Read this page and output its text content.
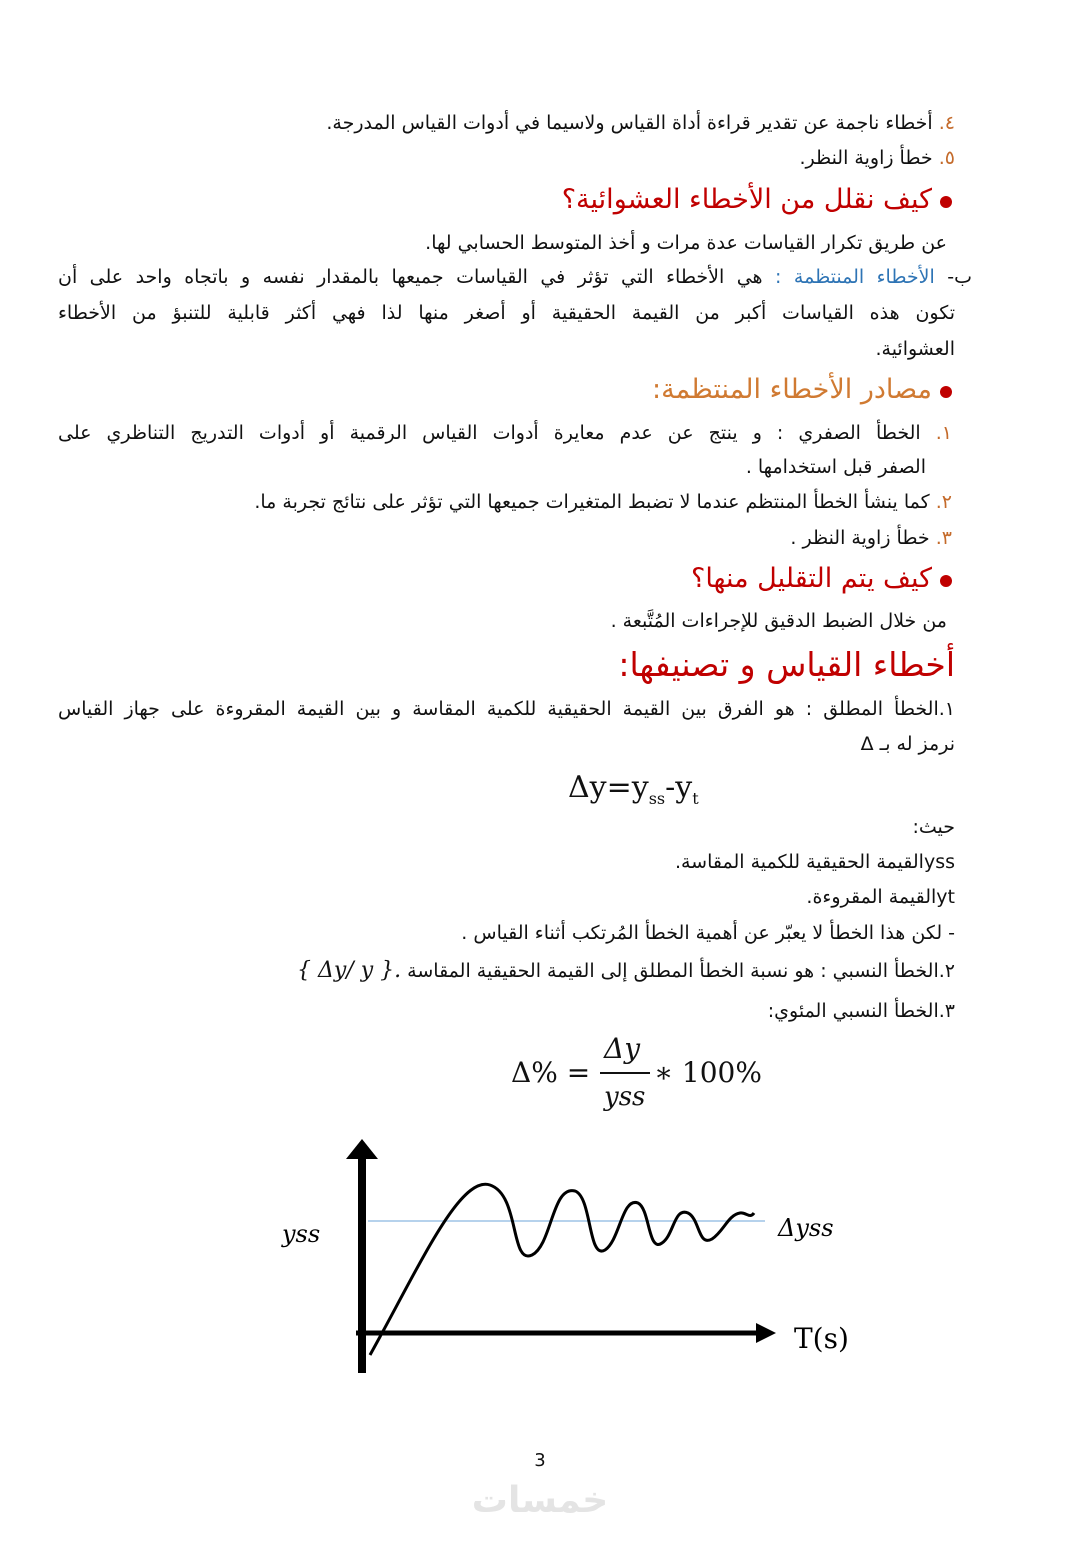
٤. أخطاء ناجمة عن تقدير قراءة أداة القياس ولاسيما في أدوات القياس المدرجة.
٥. خطأ زاوية النظر.
كيف نقلل من الأخطاء العشوائية؟
عن طريق تكرار القياسات عدة مرات و أخذ المتوسط الحسابي لها.
ب- الأخطاء المنتظمة : هي الأخطاء التي تؤثر في القياسات جميعها بالمقدار نفسه و باتجاه واحد على أن
تكون هذه القياسات أكبر من القيمة الحقيقية أو أصغر منها لذا فهي أكثر قابلية للتنبؤ من الأخطاء
العشوائية.
مصادر الأخطاء المنتظمة:
١. الخطأ الصفري : و ينتج عن عدم معايرة أدوات القياس الرقمية أو أدوات التدريج التناظري على
الصفر قبل استخدامها .
٢. كما ينشأ الخطأ المنتظم عندما لا تضبط المتغيرات جميعها التي تؤثر على نتائج تجربة ما.
٣. خطأ زاوية النظر .
كيف يتم التقليل منها؟
من خلال الضبط الدقيق للإجراءات المُتَّبعة .
أخطاء القياس و تصنيفها:
١.الخطأ المطلق : هو الفرق بين القيمة الحقيقية للكمية المقاسة و بين القيمة المقروءة على جهاز القياس
نرمز له بـ Δ
$\Delta y=y_{ss}-y_t$
حيث:
yssالقيمة الحقيقية للكمية المقاسة.
ytالقيمة المقروءة.
- لكن هذا الخطأ لا يعبّر عن أهمية الخطأ المُرتكب أثناء القياس .
٢.الخطأ النسبي : هو نسبة الخطأ المطلق إلى القيمة الحقيقية المقاسة { Δy/ y }.
٣.الخطأ النسبي المئوي:
Δ% =
Δy
yss
∗ 100%
yss	Δyss
T(s)
3
خمسات
